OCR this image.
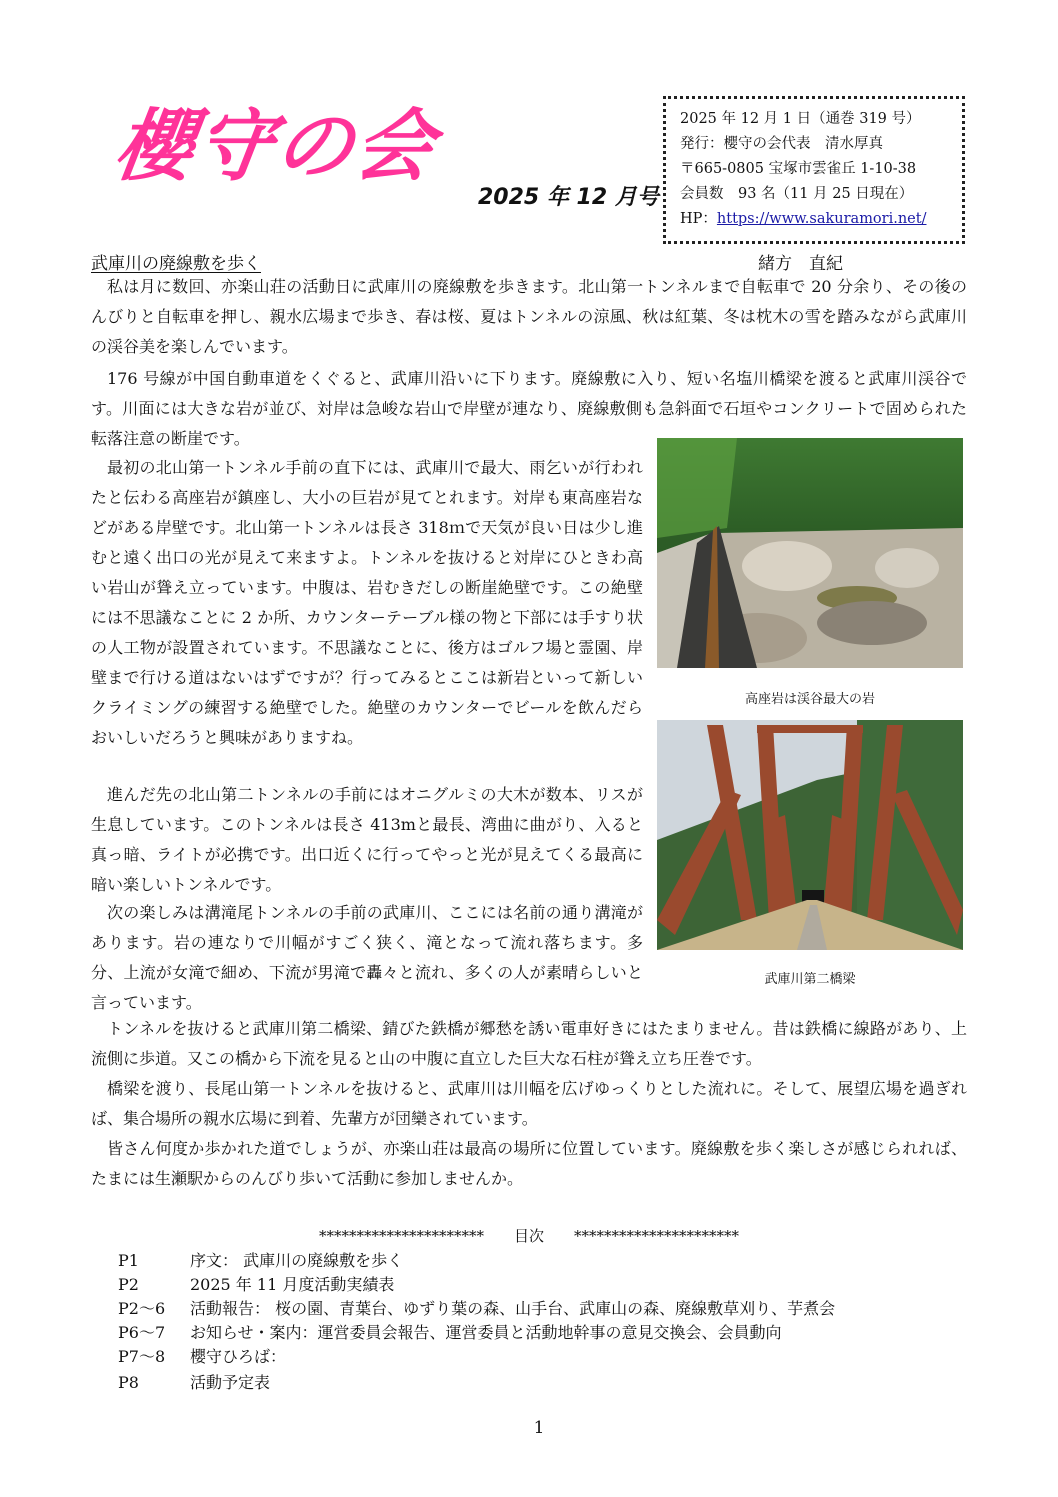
櫻守の会
2025 年 12 月号
2025 年 12 月 1 日（通巻 319 号）
発行：櫻守の会代表　清水厚真
〒665-0805 宝塚市雲雀丘 1-10-38
会員数　93 名（11 月 25 日現在）
HP：https://www.sakuramori.net/
武庫川の廃線敷を歩く	緒方　直紀
私は月に数回、亦楽山荘の活動日に武庫川の廃線敷を歩きます。北山第一トンネルまで自転車で 20 分余り、その後のんびりと自転車を押し、親水広場まで歩き、春は桜、夏はトンネルの涼風、秋は紅葉、冬は枕木の雪を踏みながら武庫川の渓谷美を楽しんでいます。
176 号線が中国自動車道をくぐると、武庫川沿いに下ります。廃線敷に入り、短い名塩川橋梁を渡ると武庫川渓谷です。川面には大きな岩が並び、対岸は急峻な岩山で岸壁が連なり、廃線敷側も急斜面で石垣やコンクリートで固められた転落注意の断崖です。
最初の北山第一トンネル手前の直下には、武庫川で最大、雨乞いが行われたと伝わる高座岩が鎮座し、大小の巨岩が見てとれます。対岸も東高座岩などがある岸壁です。北山第一トンネルは長さ 318ｍで天気が良い日は少し進むと遠く出口の光が見えて来ますよ。トンネルを抜けると対岸にひときわ高い岩山が聳え立っています。中腹は、岩むきだしの断崖絶壁です。この絶壁には不思議なことに 2 か所、カウンターテーブル様の物と下部には手すり状の人工物が設置されています。不思議なことに、後方はゴルフ場と霊園、岸壁まで行ける道はないはずですが？行ってみるとここは新岩といって新しいクライミングの練習する絶壁でした。絶壁のカウンターでビールを飲んだらおいしいだろうと興味がありますね。
進んだ先の北山第二トンネルの手前にはオニグルミの大木が数本、リスが生息しています。このトンネルは長さ 413mと最長、湾曲に曲がり、入ると真っ暗、ライトが必携です。出口近くに行ってやっと光が見えてくる最高に暗い楽しいトンネルです。
次の楽しみは溝滝尾トンネルの手前の武庫川、ここには名前の通り溝滝があります。岩の連なりで川幅がすごく狭く、滝となって流れ落ちます。多分、上流が女滝で細め、下流が男滝で轟々と流れ、多くの人が素晴らしいと言っています。
トンネルを抜けると武庫川第二橋梁、錆びた鉄橋が郷愁を誘い電車好きにはたまりません。昔は鉄橋に線路があり、上流側に歩道。又この橋から下流を見ると山の中腹に直立した巨大な石柱が聳え立ち圧巻です。
橋梁を渡り、長尾山第一トンネルを抜けると、武庫川は川幅を広げゆっくりとした流れに。そして、展望広場を過ぎれば、集合場所の親水広場に到着、先輩方が団欒されています。
皆さん何度か歩かれた道でしょうが、亦楽山荘は最高の場所に位置しています。廃線敷を歩く楽しさが感じられれば、たまには生瀬駅からのんびり歩いて活動に参加しませんか。
高座岩は渓谷最大の岩
武庫川第二橋梁
**********************　　目次　　**********************
P1	序文： 武庫川の廃線敷を歩く
P2	2025 年 11 月度活動実績表
P2～6 活動報告： 桜の園、青葉台、ゆずり葉の森、山手台、武庫山の森、廃線敷草刈り、芋煮会
P6～7 お知らせ・案内：運営委員会報告、運営委員と活動地幹事の意見交換会、会員動向
P7～8 櫻守ひろば：
P8	活動予定表
1
